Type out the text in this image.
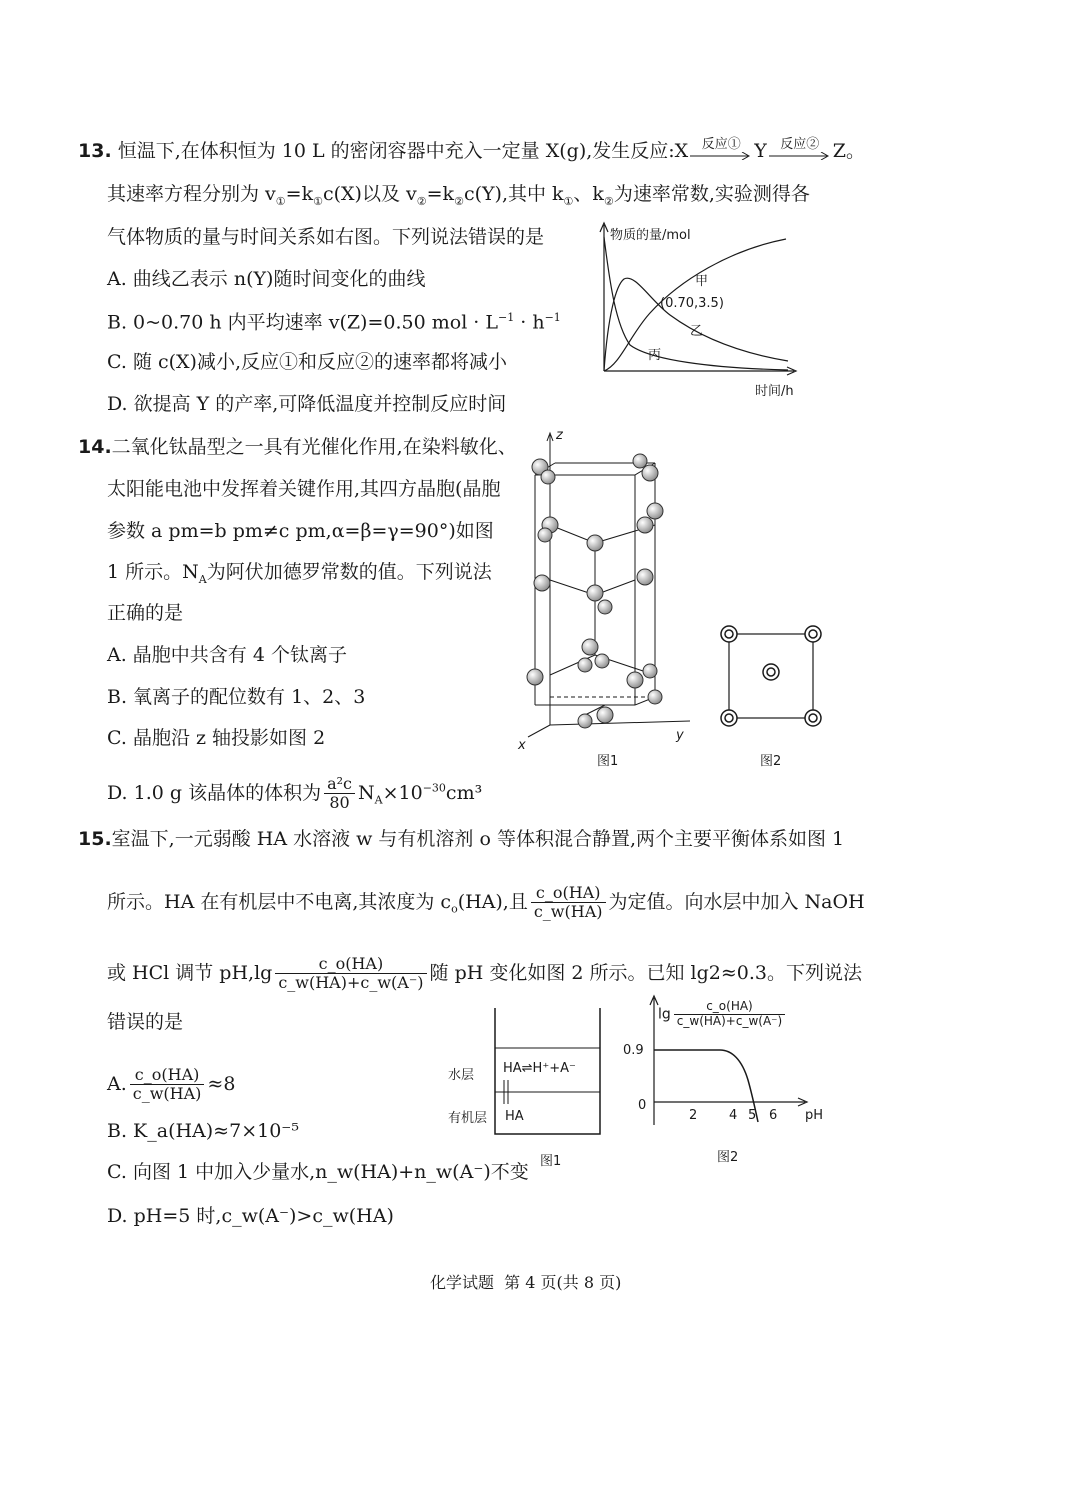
13. 恒温下,在体积恒为 10 L 的密闭容器中充入一定量 X(g),发生反应:X	反应① Y	反应② Z。
其速率方程分别为 $v_①=k_①c(X)$以及 $v_②=k_②c(Y)$,其中 $k_①$、$k_②$为速率常数,实验测得各
气体物质的量与时间关系如右图。下列说法错误的是
A. 曲线乙表示 n(Y)随时间变化的曲线
B. 0~0.70 h 内平均速率 v(Z)=0.50 mol · $L^{-1} \cdot h^{-1}$
C. 随 c(X)减小,反应①和反应②的速率都将减小
D. 欲提高 Y 的产率,可降低温度并控制反应时间
物质的量/mol
甲
(0.70,3.5)
乙
丙
时间/h
14.二氧化钛晶型之一具有光催化作用,在染料敏化、
太阳能电池中发挥着关键作用,其四方晶胞(晶胞
参数 a pm=b pm≠c pm,α=β=γ=90°)如图
1 所示。$N_A$为阿伏加德罗常数的值。下列说法
正确的是
A. 晶胞中共含有 4 个钛离子
B. 氧离子的配位数有 1、2、3
C. 晶胞沿 z 轴投影如图 2
D. 1.0 g 该晶体的体积为 $\frac{\text{a²c}}{80} N_A\times 10^{-30}cm^3$
z
x
y
图1	图2
15.室温下,一元弱酸 HA 水溶液 w 与有机溶剂 o 等体积混合静置,两个主要平衡体系如图 1
所示。HA 在有机层中不电离,其浓度为 $c_o(HA)$,且 $\frac{c\_o(HA)}{c\_w(HA)}$ 为定值。向水层中加入 NaOH
或 HCl 调节 $pH,\lg \frac{c\_o(HA)}{c\_w(HA)+c\_w(A^-)}$ 随 pH 变化如图 2 所示。已知 lg2≈0.3。下列说法
错误的是
A. $\frac{c\_o(HA)}{c\_w(HA)} \approx 8$
B. K_a(HA)≈7×10⁻⁵
C. 向图 1 中加入少量水,n_w(HA)+n_w(A⁻)不变
D. pH=5 时,c_w(A⁻)>c_w(HA)
水层
有机层
HA⇌H⁺+A⁻
HA
图1
$\lg \frac{c\_o(HA)}{c\_w(HA)+c\_w(A^-)}$
0.9
0
2 4 5 6 pH
图2
化学试题  第 4 页(共 8 页)
